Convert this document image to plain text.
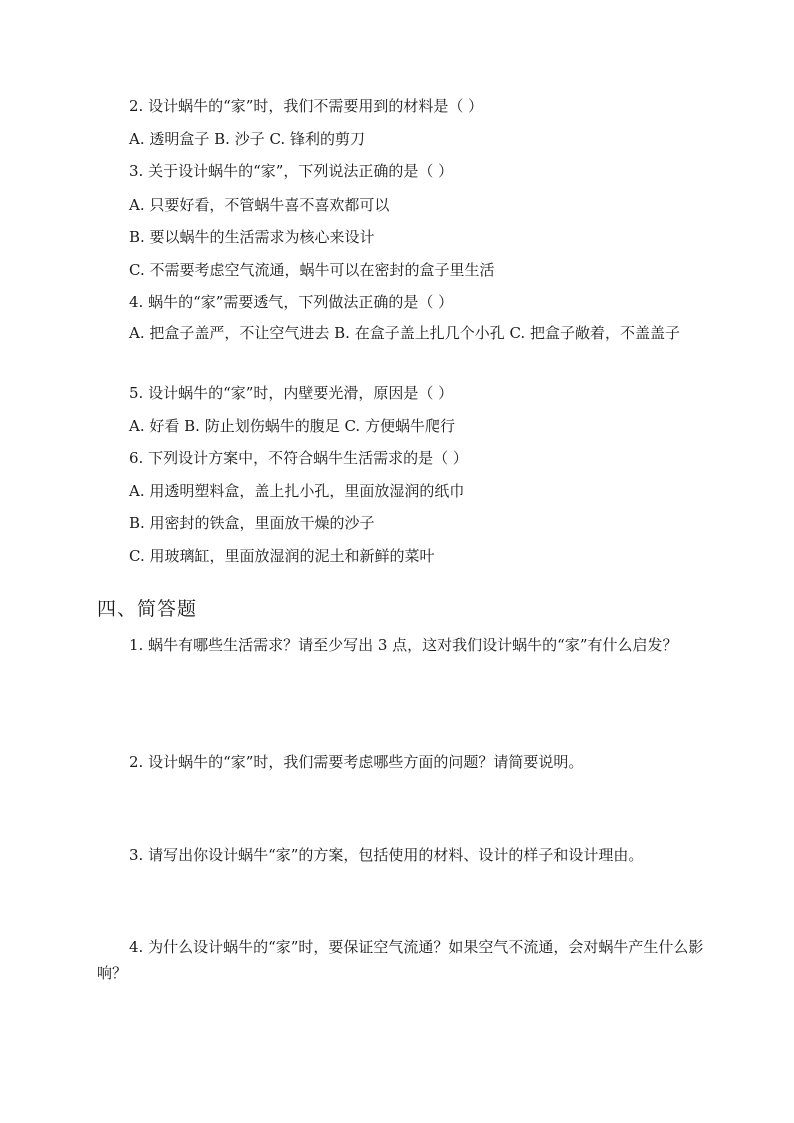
2. 设计蜗牛的“家”时，我们不需要用到的材料是（ ）
A. 透明盒子 B. 沙子 C. 锋利的剪刀
3. 关于设计蜗牛的“家”，下列说法正确的是（ ）
A. 只要好看，不管蜗牛喜不喜欢都可以
B. 要以蜗牛的生活需求为核心来设计
C. 不需要考虑空气流通，蜗牛可以在密封的盒子里生活
4. 蜗牛的“家”需要透气，下列做法正确的是（ ）
A. 把盒子盖严，不让空气进去 B. 在盒子盖上扎几个小孔 C. 把盒子敞着，不盖盖子
5. 设计蜗牛的“家”时，内壁要光滑，原因是（ ）
A. 好看 B. 防止划伤蜗牛的腹足 C. 方便蜗牛爬行
6. 下列设计方案中，不符合蜗牛生活需求的是（ ）
A. 用透明塑料盒，盖上扎小孔，里面放湿润的纸巾
B. 用密封的铁盒，里面放干燥的沙子
C. 用玻璃缸，里面放湿润的泥土和新鲜的菜叶
四、简答题
1. 蜗牛有哪些生活需求？请至少写出 3 点，这对我们设计蜗牛的“家”有什么启发？
2. 设计蜗牛的“家”时，我们需要考虑哪些方面的问题？请简要说明。
3. 请写出你设计蜗牛“家”的方案，包括使用的材料、设计的样子和设计理由。
4. 为什么设计蜗牛的“家”时，要保证空气流通？如果空气不流通，会对蜗牛产生什么影响？
